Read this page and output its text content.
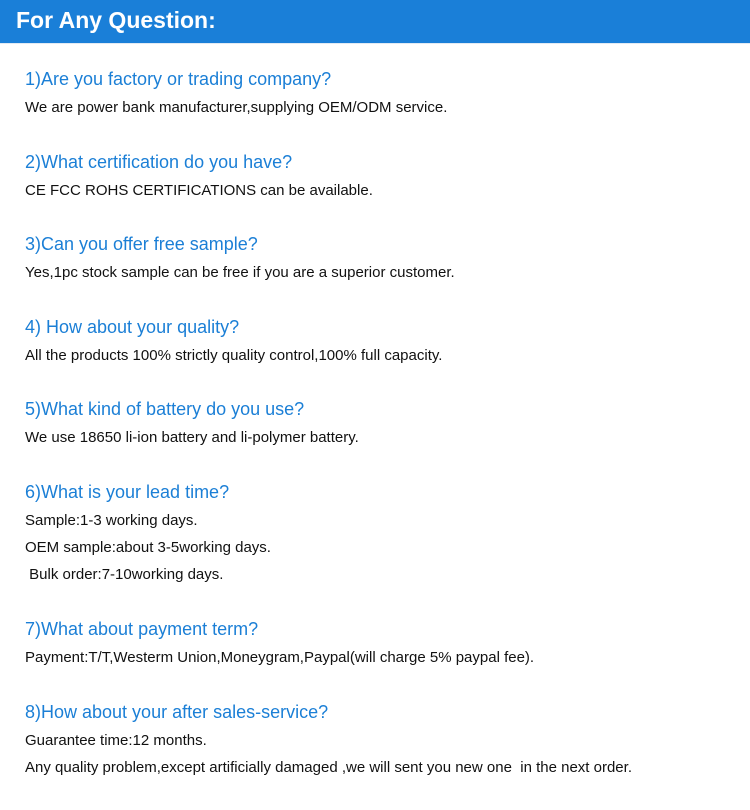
For Any Question:
1)Are you factory or trading company?
We are power bank manufacturer,supplying OEM/ODM service.
2)What certification do you have?
CE FCC ROHS CERTIFICATIONS can be available.
3)Can you offer free sample?
Yes,1pc stock sample can be free if you are a superior customer.
4) How about your quality?
All the products 100% strictly quality control,100% full capacity.
5)What kind of battery do you use?
We use 18650 li-ion battery and li-polymer battery.
6)What is your lead time?
Sample:1-3 working days.
OEM sample:about 3-5working days.
Bulk order:7-10working days.
7)What about payment term?
Payment:T/T,Westerm Union,Moneygram,Paypal(will charge 5% paypal fee).
8)How about your after sales-service?
Guarantee time:12 months.
Any quality problem,except artificially damaged ,we will sent you new one  in the next order.
